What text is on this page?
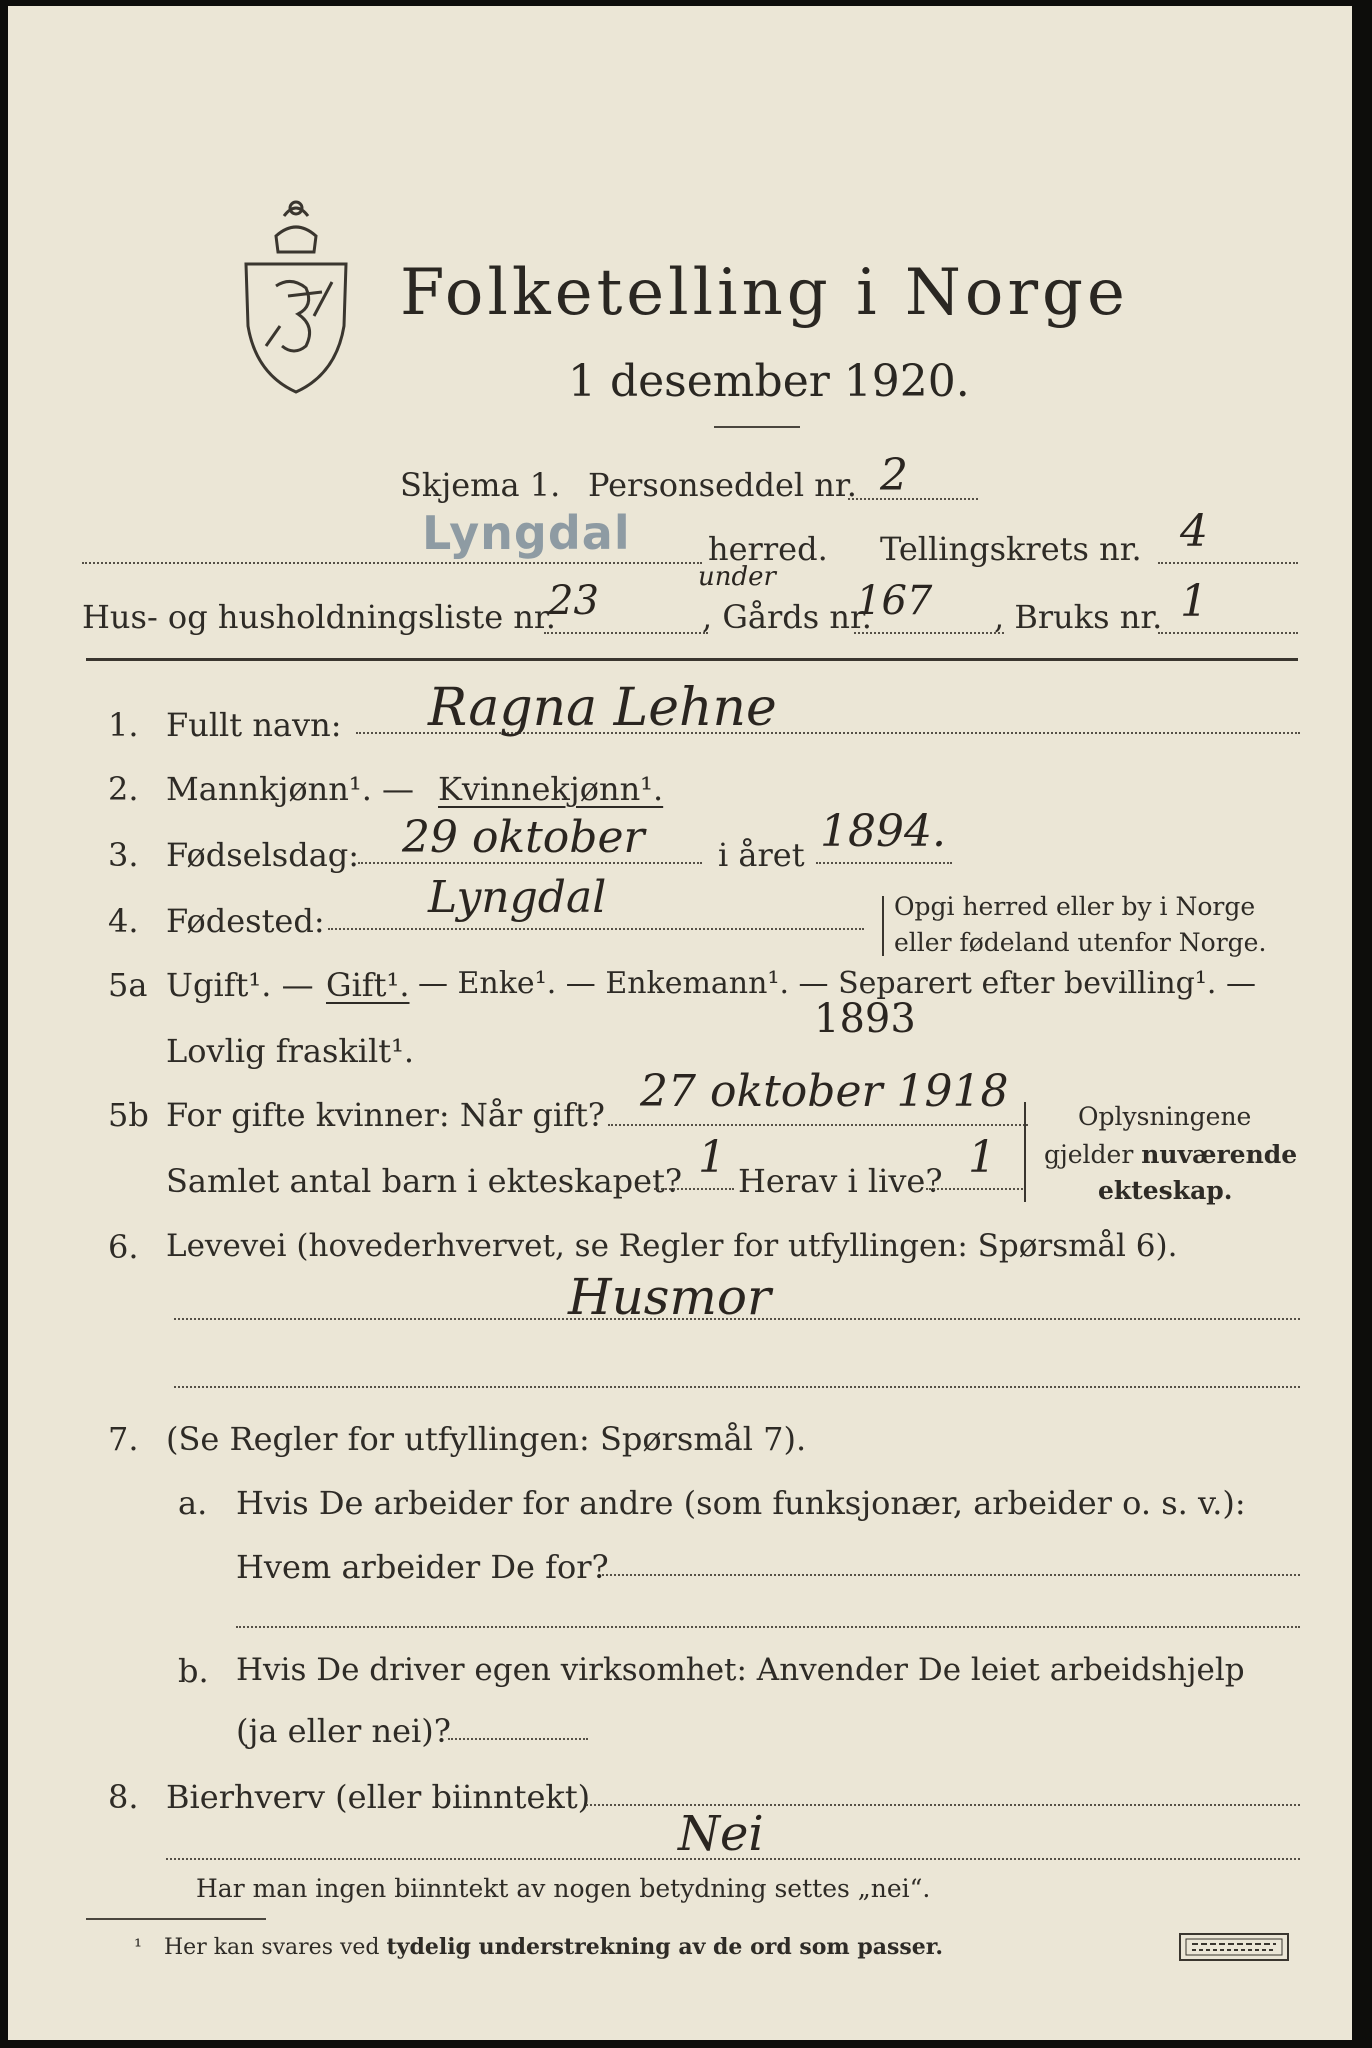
Folketelling i Norge
1 desember 1920.
Skjema 1. Personseddel nr. 2
Lyngdal herred. Tellingskrets nr. 4
Hus- og husholdningsliste nr.
23
under
, Gårds nr.
167 , Bruks nr. 1
1. Fullt navn: Ragna Lehne
2. Mannkjønn¹. — Kvinnekjønn¹.
3. Fødselsdag: 29 oktober i året 1894.
4. Fødested: Lyngdal	Opgi herred eller by i Norge
eller fødeland utenfor Norge.
5a Ugift¹. — Gift¹. — Enke¹. — Enkemann¹. — Separert efter bevilling¹. —
Lovlig fraskilt¹.
1893
5b For gifte kvinner: Når gift? 27 oktober 1918
Samlet antal barn i ekteskapet? 1 Herav i live? 1
Oplysningene
gjelder nuværende
ekteskap.
6. Levevei (hovederhvervet, se Regler for utfyllingen: Spørsmål 6).
Husmor
7. (Se Regler for utfyllingen: Spørsmål 7).
a. Hvis De arbeider for andre (som funksjonær, arbeider o. s. v.):
Hvem arbeider De for?
b. Hvis De driver egen virksomhet: Anvender De leiet arbeidshjelp
(ja eller nei)?
8. Bierhverv (eller biinntekt)
Nei
Har man ingen biinntekt av nogen betydning settes „nei“.
¹ Her kan svares ved tydelig understrekning av de ord som passer.
